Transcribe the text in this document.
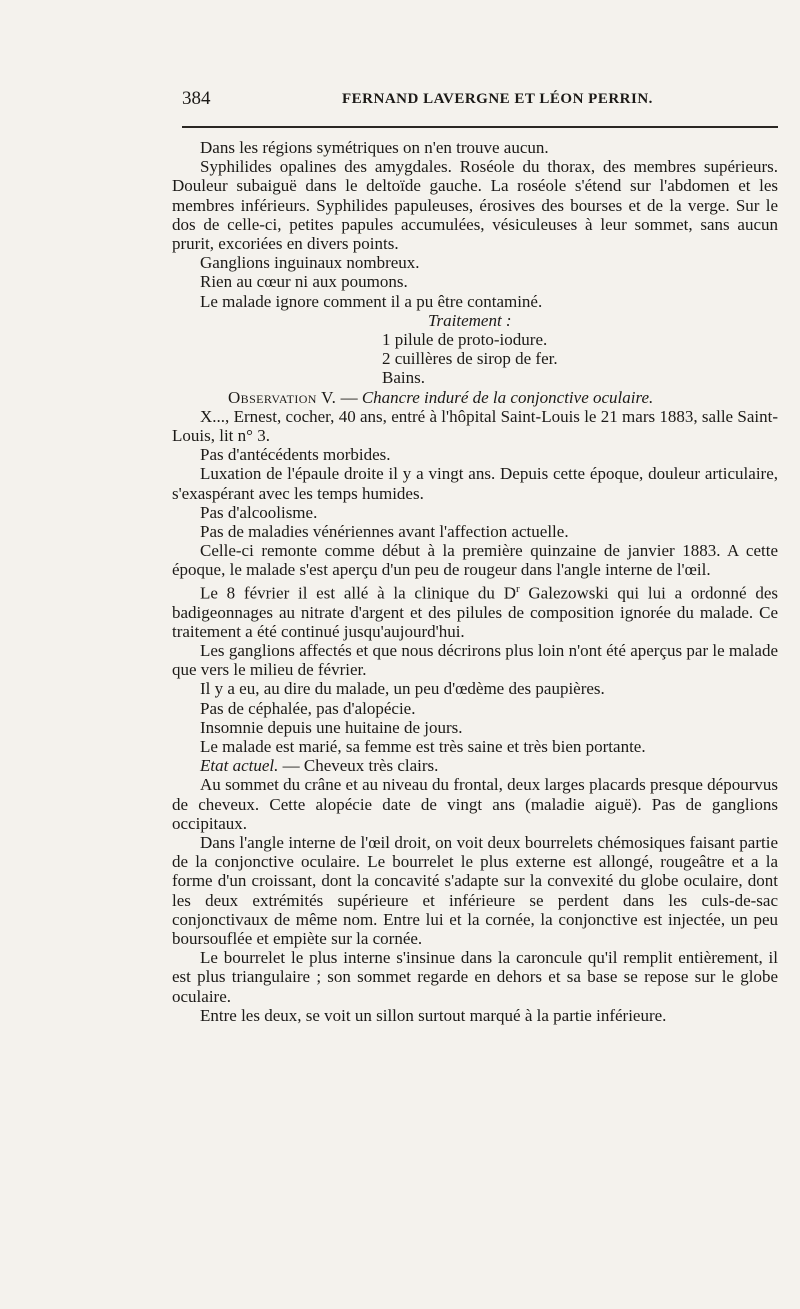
384	FERNAND LAVERGNE ET LÉON PERRIN.

Dans les régions symétriques on n'en trouve aucun.

Syphilides opalines des amygdales. Roséole du thorax, des membres supérieurs. Douleur subaiguë dans le deltoïde gauche. La roséole s'étend sur l'abdomen et les membres inférieurs. Syphilides papuleuses, érosives des bourses et de la verge. Sur le dos de celle-ci, petites papules accumulées, vésiculeuses à leur sommet, sans aucun prurit, excoriées en divers points.

Ganglions inguinaux nombreux.

Rien au cœur ni aux poumons.

Le malade ignore comment il a pu être contaminé.

Traitement :

1 pilule de proto-iodure.

2 cuillères de sirop de fer.

Bains.

Observation V. — Chancre induré de la conjonctive oculaire.

X..., Ernest, cocher, 40 ans, entré à l'hôpital Saint-Louis le 21 mars 1883, salle Saint-Louis, lit n° 3.

Pas d'antécédents morbides.

Luxation de l'épaule droite il y a vingt ans. Depuis cette époque, douleur articulaire, s'exaspérant avec les temps humides.

Pas d'alcoolisme.

Pas de maladies vénériennes avant l'affection actuelle.

Celle-ci remonte comme début à la première quinzaine de janvier 1883. A cette époque, le malade s'est aperçu d'un peu de rougeur dans l'angle interne de l'œil.

Le 8 février il est allé à la clinique du $D^r$ Galezowski qui lui a ordonné des badigeonnages au nitrate d'argent et des pilules de composition ignorée du malade. Ce traitement a été continué jusqu'aujourd'hui.

Les ganglions affectés et que nous décrirons plus loin n'ont été aperçus par le malade que vers le milieu de février.

Il y a eu, au dire du malade, un peu d'œdème des paupières.

Pas de céphalée, pas d'alopécie.

Insomnie depuis une huitaine de jours.

Le malade est marié, sa femme est très saine et très bien portante.

Etat actuel. — Cheveux très clairs.

Au sommet du crâne et au niveau du frontal, deux larges placards presque dépourvus de cheveux. Cette alopécie date de vingt ans (maladie aiguë). Pas de ganglions occipitaux.

Dans l'angle interne de l'œil droit, on voit deux bourrelets chémosiques faisant partie de la conjonctive oculaire. Le bourrelet le plus externe est allongé, rougeâtre et a la forme d'un croissant, dont la concavité s'adapte sur la convexité du globe oculaire, dont les deux extrémités supérieure et inférieure se perdent dans les culs-de-sac conjonctivaux de même nom. Entre lui et la cornée, la conjonctive est injectée, un peu boursouflée et empiète sur la cornée.

Le bourrelet le plus interne s'insinue dans la caroncule qu'il remplit entièrement, il est plus triangulaire ; son sommet regarde en dehors et sa base se repose sur le globe oculaire.

Entre les deux, se voit un sillon surtout marqué à la partie inférieure.
